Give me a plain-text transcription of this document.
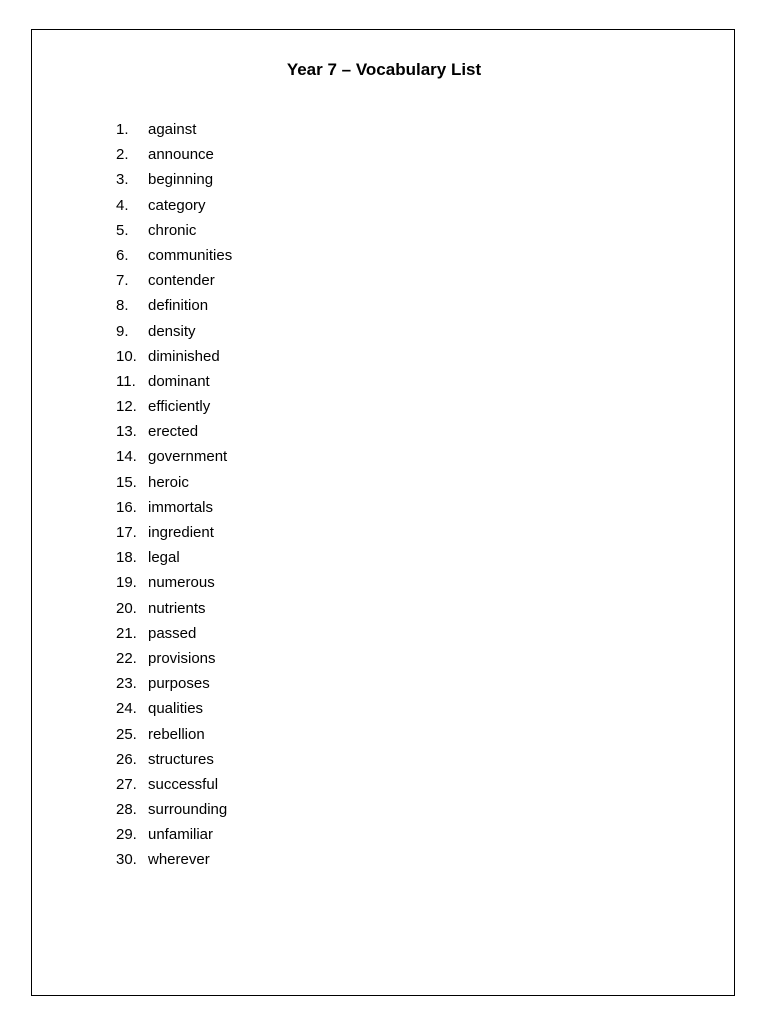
Year 7 – Vocabulary List
1.	against
2.	announce
3.	beginning
4.	category
5.	chronic
6.	communities
7.	contender
8.	definition
9.	density
10. diminished
11. dominant
12. efficiently
13. erected
14. government
15. heroic
16. immortals
17. ingredient
18. legal
19. numerous
20. nutrients
21. passed
22. provisions
23. purposes
24. qualities
25. rebellion
26. structures
27. successful
28. surrounding
29. unfamiliar
30. wherever
